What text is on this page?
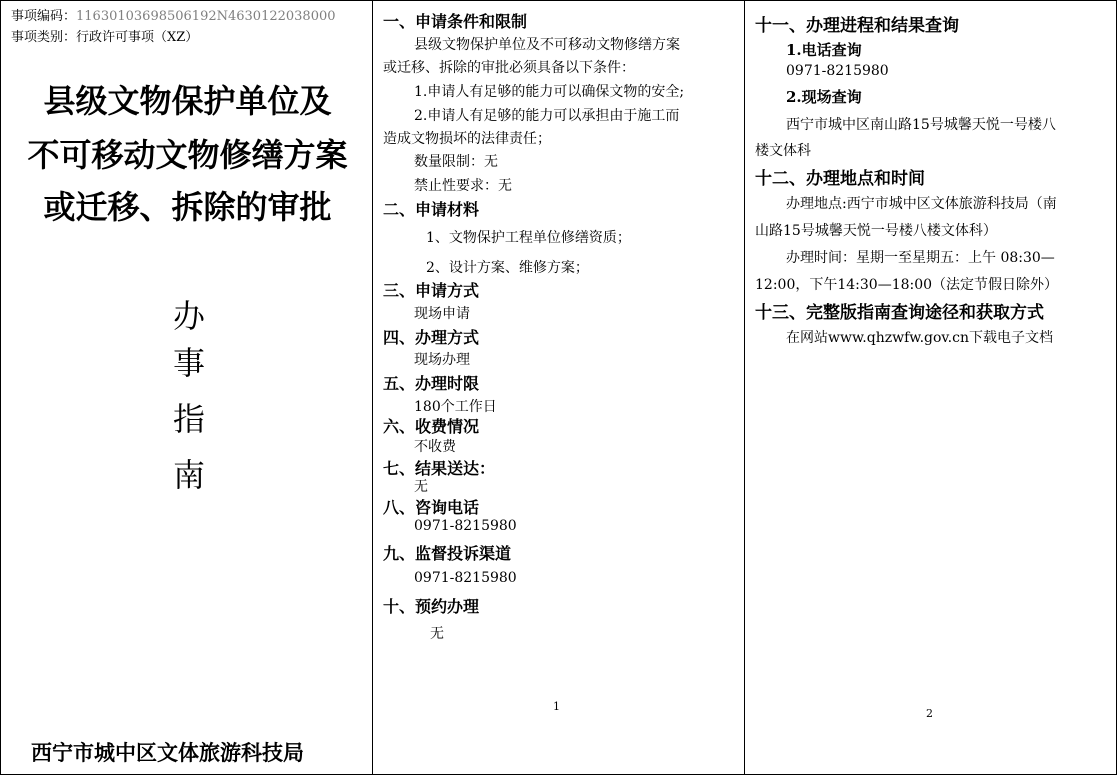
事项编码：11630103698506192N4630122038000
事项类别：行政许可事项（XZ）
县级文物保护单位及
不可移动文物修缮方案
或迁移、拆除的审批
办
事
指
南
西宁市城中区文体旅游科技局
一、申请条件和限制
县级文物保护单位及不可移动文物修缮方案
或迁移、拆除的审批必须具备以下条件：
1.申请人有足够的能力可以确保文物的安全;
2.申请人有足够的能力可以承担由于施工而
造成文物损坏的法律责任；
数量限制：无
禁止性要求：无
二、申请材料
1、文物保护工程单位修缮资质；
2、设计方案、维修方案；
三、申请方式
现场申请
四、办理方式
现场办理
五、办理时限
180个工作日
六、收费情况
不收费
七、结果送达：
无
八、咨询电话
0971-8215980
九、监督投诉渠道
0971-8215980
十、预约办理
无
1
十一、办理进程和结果查询
1.电话查询
0971-8215980
2.现场查询
西宁市城中区南山路15号城馨天悦一号楼八
楼文体科
十二、办理地点和时间
办理地点:西宁市城中区文体旅游科技局（南
山路15号城馨天悦一号楼八楼文体科）
办理时间：星期一至星期五：上午 08:30—
12:00，下午14:30—18:00（法定节假日除外）
十三、完整版指南查询途径和获取方式
在网站www.qhzwfw.gov.cn下载电子文档
2
